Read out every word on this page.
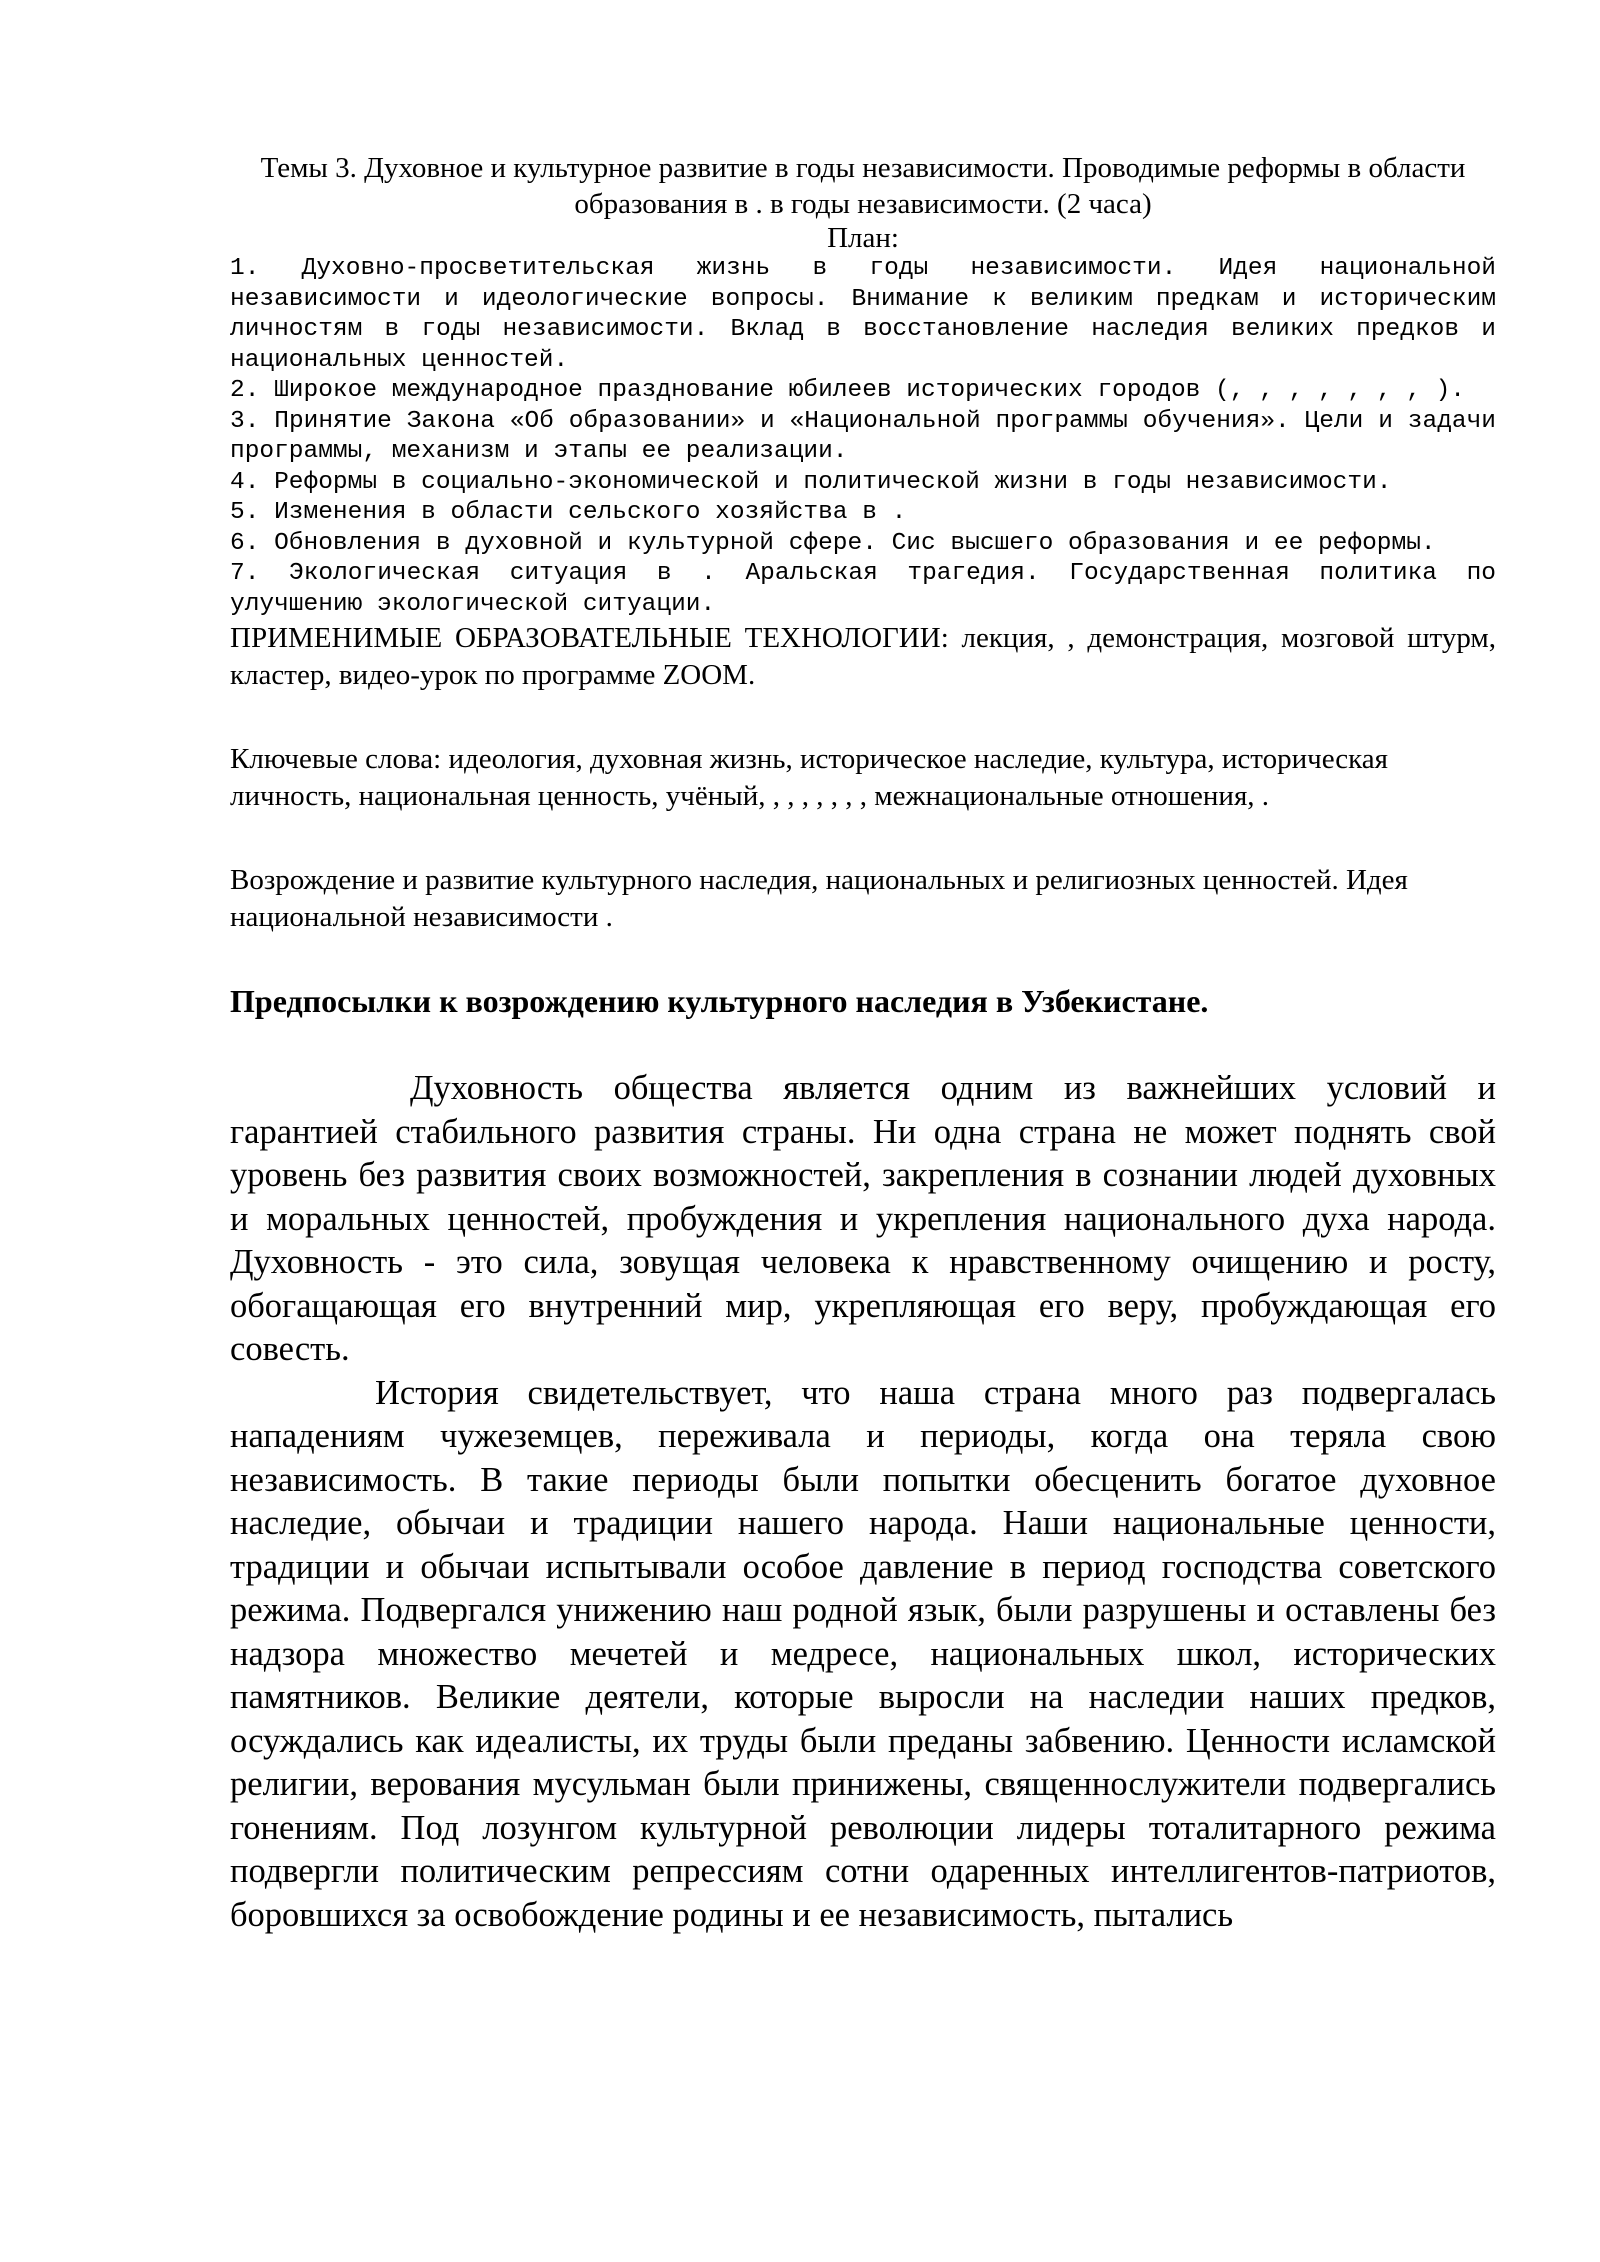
Темы 3. Духовное и культурное развитие в годы независимости. Проводимые реформы в области образования в . в годы независимости. (2 часа)

План:

1. Духовно-просветительская жизнь в годы независимости. Идея национальной независимости и идеологические вопросы. Внимание к великим предкам и историческим личностям в годы независимости. Вклад в восстановление наследия великих предков и национальных ценностей.
2. Широкое международное празднование юбилеев исторических городов (, , , , , , , ).
3. Принятие Закона «Об образовании» и «Национальной программы обучения». Цели и задачи программы, механизм и этапы ее реализации.
4. Реформы в социально-экономической и политической жизни в годы независимости.
5. Изменения в области сельского хозяйства в .
6. Обновления в духовной и культурной сфере. Сис высшего образования и ее реформы.
7. Экологическая ситуация в . Аральская трагедия. Государственная политика по улучшению экологической ситуации.

ПРИМЕНИМЫЕ ОБРАЗОВАТЕЛЬНЫЕ ТЕХНОЛОГИИ: лекция, , демонстрация, мозговой штурм, кластер, видео-урок по программе ZOOM.

Ключевые слова: идеология, духовная жизнь, историческое наследие, культура, историческая личность, национальная ценность, учёный, , , , , , , , межнациональные отношения, .

Возрождение и развитие культурного наследия, национальных и религиозных ценностей. Идея национальной независимости .

Предпосылки к возрождению культурного наследия в Узбекистане.

Духовность общества является одним из важнейших условий и гарантией стабильного развития страны. Ни одна страна не может поднять свой уровень без развития своих возможностей, закрепления в сознании людей духовных и моральных ценностей, пробуждения и укрепления национального духа народа. Духовность - это сила, зовущая человека к нравственному очищению и росту, обогащающая его внутренний мир, укрепляющая его веру, пробуждающая его совесть.

История свидетельствует, что наша страна много раз подвергалась нападениям чужеземцев, переживала и периоды, когда она теряла свою независимость. В такие периоды были попытки обесценить богатое духовное наследие, обычаи и традиции нашего народа. Наши национальные ценности, традиции и обычаи испытывали особое давление в период господства советского режима. Подвергался унижению наш родной язык, были разрушены и оставлены без надзора множество мечетей и медресе, национальных школ, исторических памятников. Великие деятели, которые выросли на наследии наших предков, осуждались как идеалисты, их труды были преданы забвению. Ценности исламской религии, верования мусульман были принижены, священнослужители подвергались гонениям. Под лозунгом культурной революции лидеры тоталитарного режима подвергли политическим репрессиям сотни одаренных интеллигентов-патриотов, боровшихся за освобождение родины и ее независимость, пытались
